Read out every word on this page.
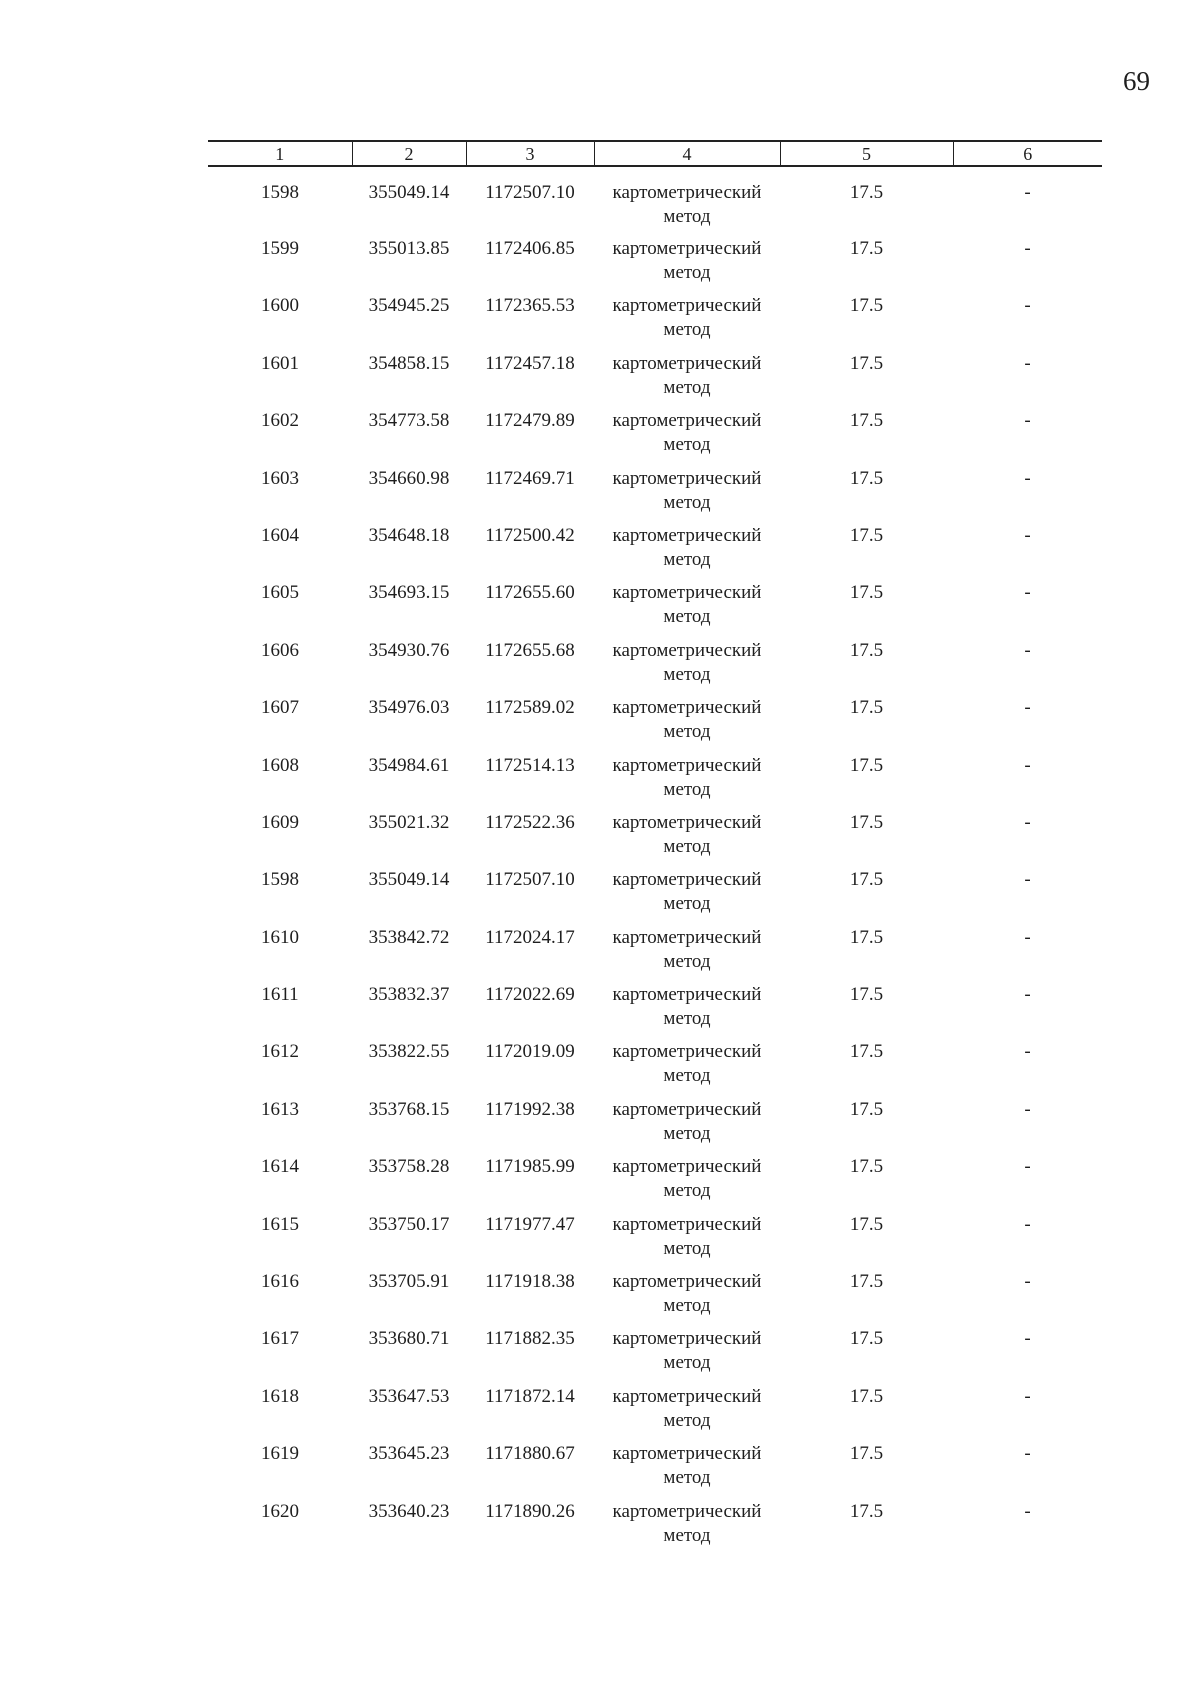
69
1	2	3	4	5	6
1598	355049.14	1172507.10	картометрический метод	17.5	-
1599	355013.85	1172406.85	картометрический метод	17.5	-
1600	354945.25	1172365.53	картометрический метод	17.5	-
1601	354858.15	1172457.18	картометрический метод	17.5	-
1602	354773.58	1172479.89	картометрический метод	17.5	-
1603	354660.98	1172469.71	картометрический метод	17.5	-
1604	354648.18	1172500.42	картометрический метод	17.5	-
1605	354693.15	1172655.60	картометрический метод	17.5	-
1606	354930.76	1172655.68	картометрический метод	17.5	-
1607	354976.03	1172589.02	картометрический метод	17.5	-
1608	354984.61	1172514.13	картометрический метод	17.5	-
1609	355021.32	1172522.36	картометрический метод	17.5	-
1598	355049.14	1172507.10	картометрический метод	17.5	-
1610	353842.72	1172024.17	картометрический метод	17.5	-
1611	353832.37	1172022.69	картометрический метод	17.5	-
1612	353822.55	1172019.09	картометрический метод	17.5	-
1613	353768.15	1171992.38	картометрический метод	17.5	-
1614	353758.28	1171985.99	картометрический метод	17.5	-
1615	353750.17	1171977.47	картометрический метод	17.5	-
1616	353705.91	1171918.38	картометрический метод	17.5	-
1617	353680.71	1171882.35	картометрический метод	17.5	-
1618	353647.53	1171872.14	картометрический метод	17.5	-
1619	353645.23	1171880.67	картометрический метод	17.5	-
1620	353640.23	1171890.26	картометрический метод	17.5	-
